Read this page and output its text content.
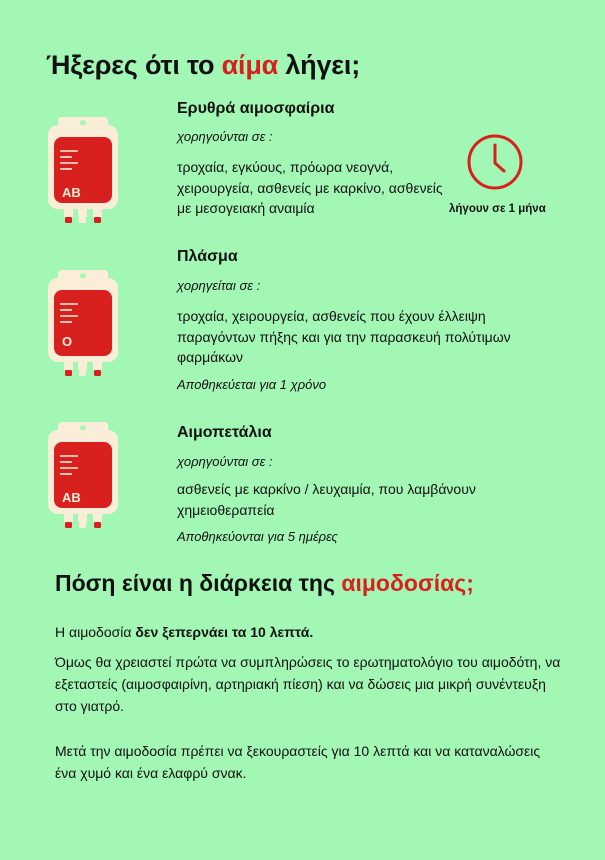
Ήξερες ότι το αίμα λήγει;
AB
Ερυθρά αιμοσφαίρια
χορηγούνται σε :
τροχαία, εγκύους, πρόωρα νεογνά, χειρουργεία, ασθενείς με καρκίνο, ασθενείς με μεσογειακή αναιμία	λήγουν σε 1 μήνα
O
Πλάσμα
χορηγείται σε :
τροχαία, χειρουργεία, ασθενείς που έχουν έλλειψη παραγόντων πήξης και για την παρασκευή πολύτιμων φαρμάκων
Αποθηκεύεται για 1 χρόνο
AB
Αιμοπετάλια
χορηγούνται σε :
ασθενείς με καρκίνο / λευχαιμία, που λαμβάνουν χημειοθεραπεία
Αποθηκεύονται για 5 ημέρες
Πόση είναι η διάρκεια της αιμοδοσίας;
Η αιμοδοσία δεν ξεπερνάει τα 10 λεπτά.
Όμως θα χρειαστεί πρώτα να συμπληρώσεις το ερωτηματολόγιο του αιμοδότη, να εξεταστείς (αιμοσφαιρίνη, αρτηριακή πίεση) και να δώσεις μια μικρή συνέντευξη στο γιατρό.
Μετά την αιμοδοσία πρέπει να ξεκουραστείς για 10 λεπτά και να καταναλώσεις ένα χυμό και ένα ελαφρύ σνακ.
